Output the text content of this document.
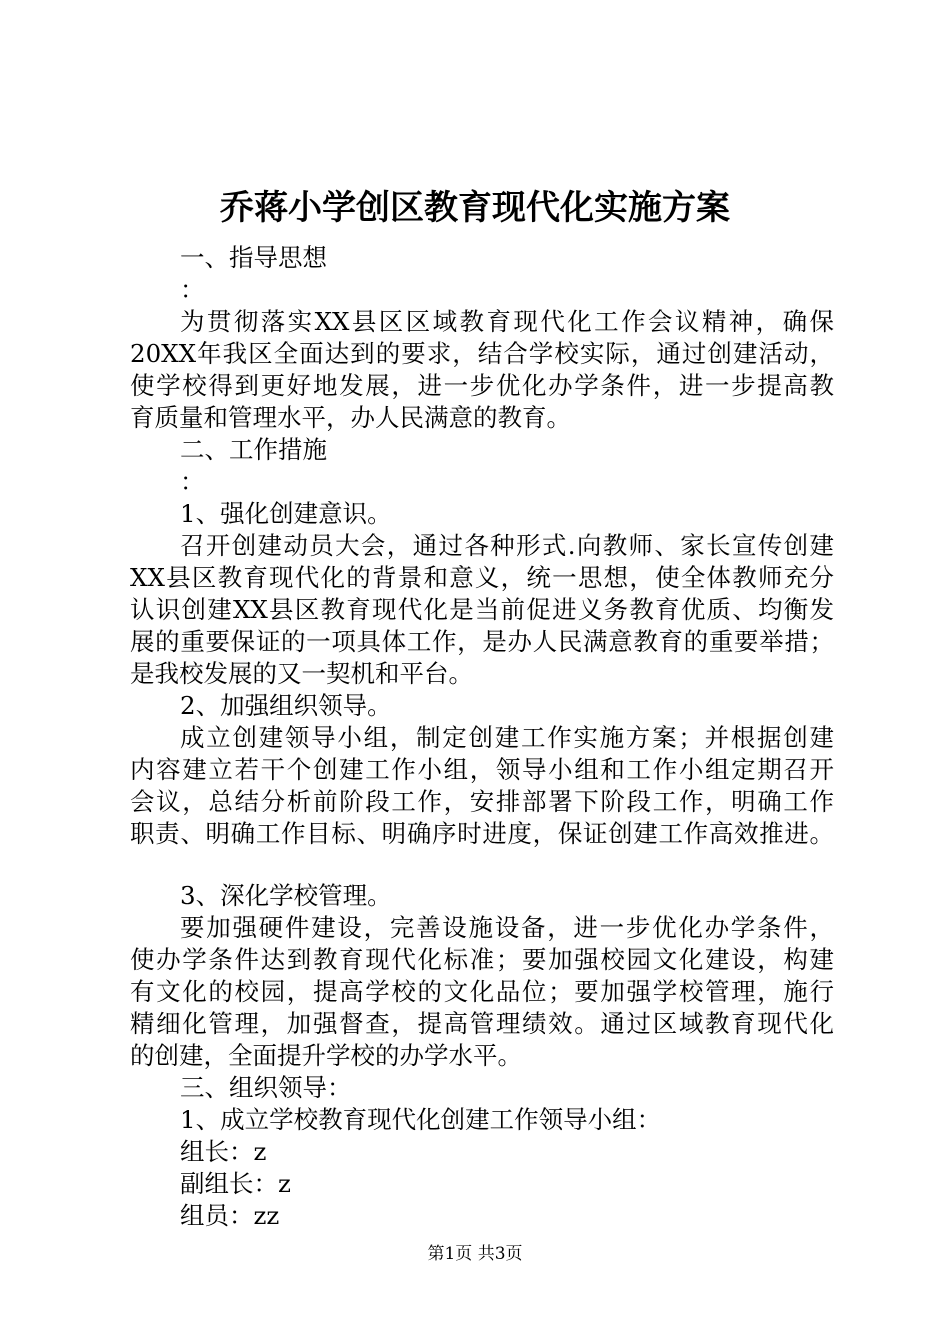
乔蒋小学创区教育现代化实施方案
一、指导思想
：
为贯彻落实XX县区区域教育现代化工作会议精神，确保
20XX年我区全面达到的要求，结合学校实际，通过创建活动，
使学校得到更好地发展，进一步优化办学条件，进一步提高教
育质量和管理水平，办人民满意的教育。
二、工作措施
：
1、强化创建意识。
召开创建动员大会，通过各种形式.向教师、家长宣传创建
XX县区教育现代化的背景和意义，统一思想，使全体教师充分
认识创建XX县区教育现代化是当前促进义务教育优质、均衡发
展的重要保证的一项具体工作，是办人民满意教育的重要举措；
是我校发展的又一契机和平台。
2、加强组织领导。
成立创建领导小组，制定创建工作实施方案；并根据创建
内容建立若干个创建工作小组，领导小组和工作小组定期召开
会议，总结分析前阶段工作，安排部署下阶段工作，明确工作
职责、明确工作目标、明确序时进度，保证创建工作高效推进。
3、深化学校管理。
要加强硬件建设，完善设施设备，进一步优化办学条件，
使办学条件达到教育现代化标准；要加强校园文化建设，构建
有文化的校园，提高学校的文化品位；要加强学校管理，施行
精细化管理，加强督查，提高管理绩效。通过区域教育现代化
的创建，全面提升学校的办学水平。
三、组织领导：
1、成立学校教育现代化创建工作领导小组：
组长：z
副组长：z
组员：zz
第1页 共3页
